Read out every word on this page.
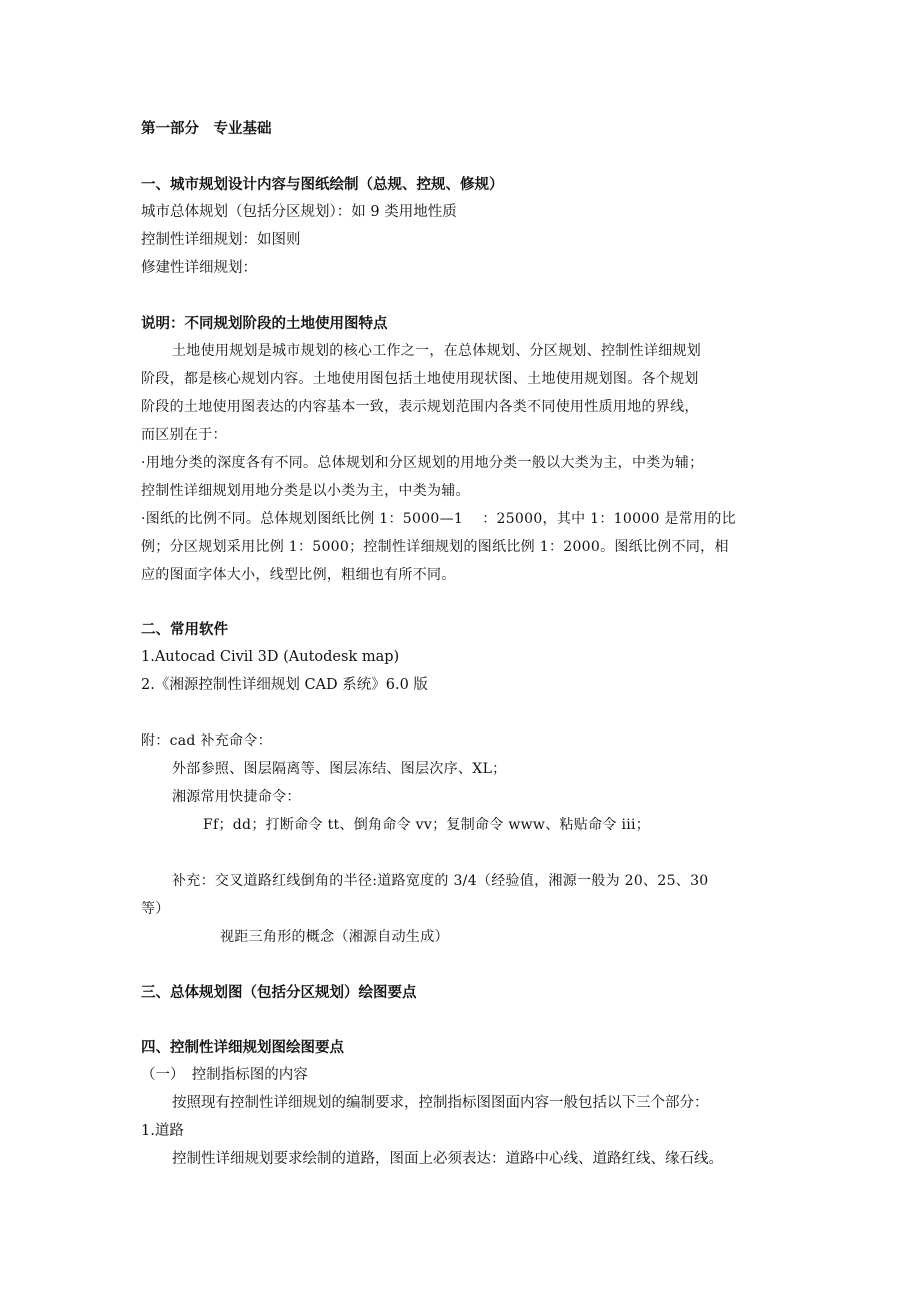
第一部分　专业基础
一、城市规划设计内容与图纸绘制（总规、控规、修规）
城市总体规划（包括分区规划）：如 9 类用地性质
控制性详细规划：如图则
修建性详细规划：
说明：不同规划阶段的土地使用图特点
土地使用规划是城市规划的核心工作之一，在总体规划、分区规划、控制性详细规划
阶段，都是核心规划内容。土地使用图包括土地使用现状图、土地使用规划图。各个规划
阶段的土地使用图表达的内容基本一致，表示规划范围内各类不同使用性质用地的界线，
而区别在于：
·用地分类的深度各有不同。总体规划和分区规划的用地分类一般以大类为主，中类为辅；
控制性详细规划用地分类是以小类为主，中类为辅。
·图纸的比例不同。总体规划图纸比例 1：5000—1　 ：25000，其中 1：10000 是常用的比
例；分区规划采用比例 1：5000；控制性详细规划的图纸比例 1：2000。图纸比例不同，相
应的图面字体大小，线型比例，粗细也有所不同。
二、常用软件
1.Autocad Civil 3D (Autodesk map)
2.《湘源控制性详细规划 CAD 系统》6.0 版
附：cad 补充命令：
外部参照、图层隔离等、图层冻结、图层次序、XL；
湘源常用快捷命令：
Ff；dd；打断命令 tt、倒角命令 vv；复制命令 www、粘贴命令 iii；
补充：交叉道路红线倒角的半径:道路宽度的 3/4（经验值，湘源一般为 20、25、30
等）
视距三角形的概念（湘源自动生成）
三、总体规划图（包括分区规划）绘图要点
四、控制性详细规划图绘图要点
（一）　控制指标图的内容
按照现有控制性详细规划的编制要求，控制指标图图面内容一般包括以下三个部分：
1.道路
控制性详细规划要求绘制的道路，图面上必须表达：道路中心线、道路红线、缘石线。
